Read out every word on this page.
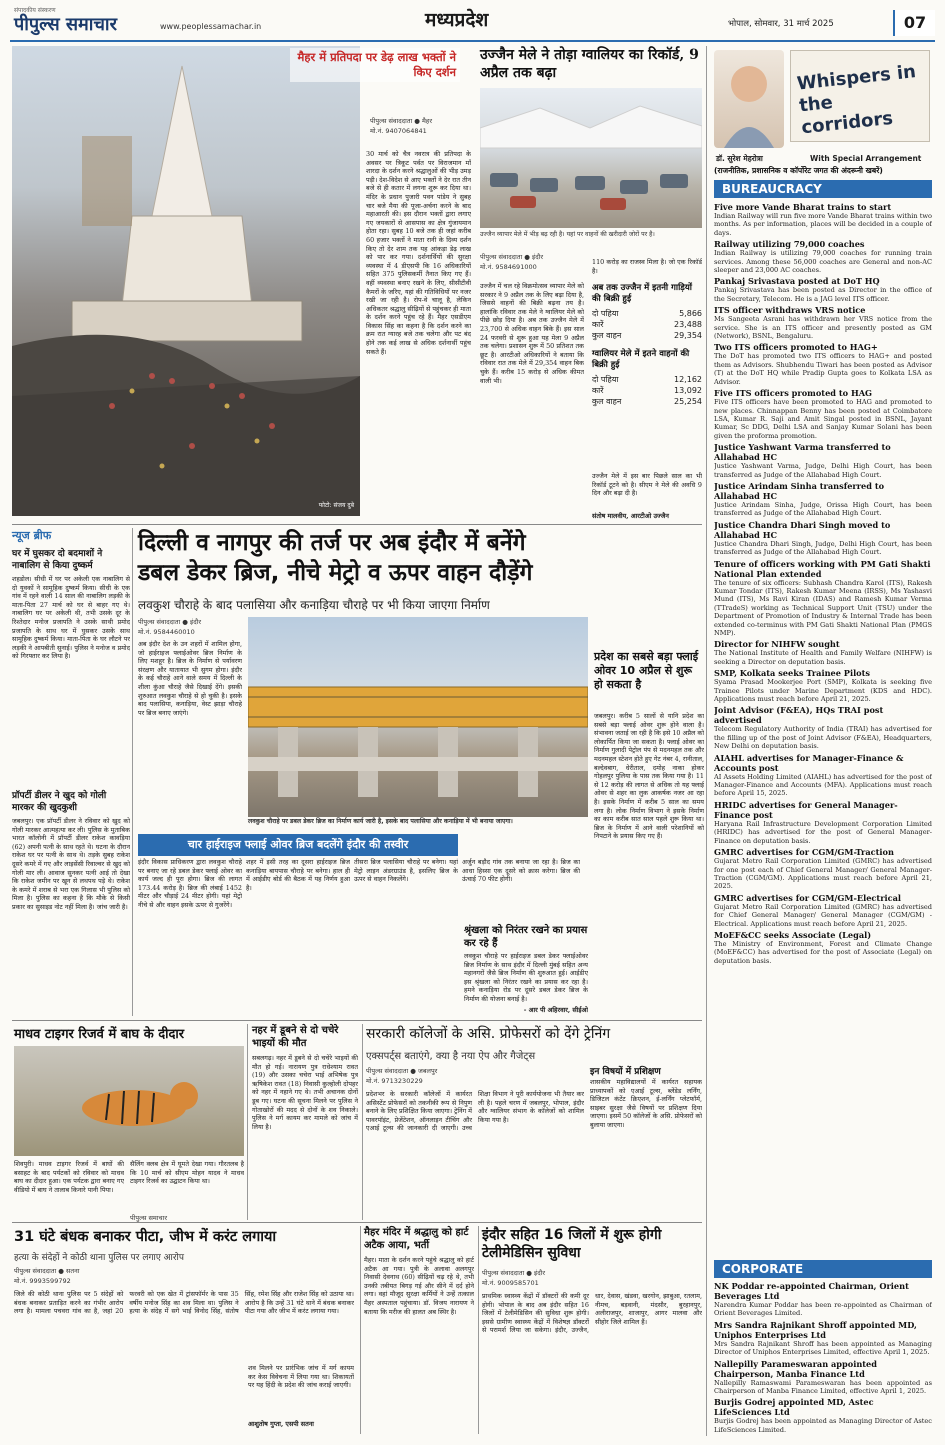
संपादकीय संस्करण
पीपुल्स समाचार	www.peoplessamachar.in	मध्यप्रदेश	भोपाल, सोमवार, 31 मार्च 2025	07
फोटो: संजय दुबे
मैहर में प्रतिपदा पर डेढ़ लाख भक्तों ने किए दर्शन
पीपुल्स संवाददाता ● मैहर
मो.नं. 9407064841
30 मार्च को चैत्र नवरात्र की प्रतिपदा के अवसर पर त्रिकूट पर्वत पर विराजमान माँ शारदा के दर्शन करने श्रद्धालुओं की भीड़ उमड़ पड़ी। देश-विदेश से आए भक्तों ने देर रात तीन बजे से ही कतार में लगना शुरू कर दिया था। मंदिर के प्रधान पुजारी पवन पांडेय ने सुबह चार बजे मैया की पूजा-अर्चना करने के बाद महाआरती की। इस दौरान भक्तों द्वारा लगाए गए जयकारों से आसपास का क्षेत्र गुंजायमान होता रहा। सुबह 10 बजे तक ही जहां करीब 60 हजार भक्तों ने माता रानी के दिव्य दर्शन किए तो देर शाम तक यह आंकड़ा डेढ़ लाख को पार कर गया। दर्शनार्थियों की सुरक्षा व्यवस्था में 4 डीएसपी कि 16 अधिकारियों सहित 375 पुलिसकर्मी तैनात किए गए हैं। वहीं व्यवस्था बनाए रखने के लिए, सीसीटीवी कैमरों के जरिए, यहां की गतिविधियों पर नजर रखी जा रही है। रोप-वे चालू है, लेकिन अधिकतर श्रद्धालु सीढ़ियों से पहुंचकर ही माता के दर्शन करने पहुंच रहे हैं। मैहर एसडीएम विकास सिंह का कहना है कि दर्शन करने का क्रम रात ग्यारह बजे तक चलेगा और पट बंद होने तक कई लाख से अधिक दर्शनार्थी पहुंच सकते हैं।
उज्जैन मेले ने तोड़ा ग्वालियर का रिकॉर्ड, 9 अप्रैल तक बढ़ा
उज्जैन व्यापार मेले में भीड़ बढ़ रही है। यहां पर वाहनों की खरीदारी जोरों पर है।
पीपुल्स संवाददाता ● इंदौर
मो.नं. 9584691000
उज्जैन में चल रहे विक्रमोत्सव व्यापार मेले को सरकार ने 9 अप्रैल तक के लिए बढ़ा दिया है, जिससे वाहनों की बिक्री बढ़ना तय है। हालांकि रविवार तक मेले ने ग्वालियर मेले को पीछे छोड़ दिया है। अब तक उज्जैन मेले में 23,700 से अधिक वाहन बिके हैं। इस साल 24 फरवरी से शुरू हुआ यह मेला 9 अप्रैल तक चलेगा। प्रशासन शुरू में 50 प्रतिशत तक छूट है। आरटीओ अधिकारियों ने बताया कि रविवार रात तक मेले में 29,354 वाहन बिक चुके हैं। करीब 15 करोड़ से अधिक कीमत वाली भी।
110 करोड़ का राजस्व मिला है। जो एक रिकॉर्ड है।
अब तक उज्जैन में इतनी गाड़ियों की बिक्री हुई
दो पहिया	5,866
कारें	23,488
कुल वाहन	29,354
ग्वालियर मेले में इतने वाहनों की बिक्री हुई
दो पहिया	12,162
कारें	13,092
कुल वाहन	25,254
उज्जैन मेले में इस बार पिछले साल का भी रिकॉर्ड टूटने को है। सीएम ने मेले की अवधि 9 दिन और बढ़ा दी है।
संतोष मालवीय, आरटीओ उज्जैन
Whispers in the corridors
डॉ. सुरेश मेहरोत्रा	With Special Arrangement
(राजनीतिक, प्रशासनिक व कॉर्पोरेट जगत की अंदरूनी खबरें)
BUREAUCRACY
Five more Vande Bharat trains to start
Indian Railway will run five more Vande Bharat trains within two months. As per information, places will be decided in a couple of days.
Railway utilizing 79,000 coaches
Indian Railway is utilizing 79,000 coaches for running train services. Among these 56,000 coaches are General and non-AC sleeper and 23,000 AC coaches.
Pankaj Srivastava posted at DoT HQ
Pankaj Srivastava has been posted as Director in the office of the Secretary, Telecom. He is a JAG level ITS officer.
ITS officer withdraws VRS notice
Ms Sangeeta Asrani has withdrawn her VRS notice from the service. She is an ITS officer and presently posted as GM (Network), BSNL, Bengaluru.
Two ITS officers promoted to HAG+
The DoT has promoted two ITS officers to HAG+ and posted them as Advisors. Shubhendu Tiwari has been posted as Advisor (T) at the DoT HQ while Pradip Gupta goes to Kolkata LSA as Advisor.
Five ITS officers promoted to HAG
Five ITS officers have been promoted to HAG and promoted to new places. Chinnappan Benny has been posted at Coimbatore LSA, Kumar R. Saji and Amit Singal posted in BSNL, Jayant Kumar, Sc DDG, Delhi LSA and Sanjay Kumar Solani has been given the proforma promotion.
Justice Yashwant Varma transferred to Allahabad HC
Justice Yashwant Varma, Judge, Delhi High Court, has been transferred as Judge of the Allahabad High Court.
Justice Arindam Sinha transferred to Allahabad HC
Justice Arindam Sinha, Judge, Orissa High Court, has been transferred as Judge of the Allahabad High Court.
Justice Chandra Dhari Singh moved to Allahabad HC
Justice Chandra Dhari Singh, Judge, Delhi High Court, has been transferred as Judge of the Allahabad High Court.
Tenure of officers working with PM Gati Shakti National Plan extended
The tenure of six officers: Subhash Chandra Karol (ITS), Rakesh Kumar Tondar (ITS), Rakesh Kumar Meena (IRSS), Ms Yashasvi Mund (ITS), Ms Ravi Kiran (IDAS) and Ramesh Kumar Verma (TTradeS) working as Technical Support Unit (TSU) under the Department of Promotion of Industry & Internal Trade has been extended co-terminus with PM Gati Shakti National Plan (PMGS NMP).
Director for NIHFW sought
The National Institute of Health and Family Welfare (NIHFW) is seeking a Director on deputation basis.
SMP, Kolkata seeks Trainee Pilots
Syama Prasad Mookerjee Port (SMP), Kolkata is seeking five Trainee Pilots under Marine Department (KDS and HDC). Applications must reach before April 21, 2025.
Joint Advisor (F&EA), HQs TRAI post advertised
Telecom Regulatory Authority of India (TRAI) has advertised for the filling up of the post of Joint Advisor (F&EA), Headquarters, New Delhi on deputation basis.
AIAHL advertises for Manager-Finance & Accounts post
AI Assets Holding Limited (AIAHL) has advertised for the post of Manager-Finance and Accounts (MFA). Applications must reach before April 15, 2025.
HRIDC advertises for General Manager-Finance post
Haryana Rail Infrastructure Development Corporation Limited (HRIDC) has advertised for the post of General Manager-Finance on deputation basis.
GMRC advertises for CGM/GM-Traction
Gujarat Metro Rail Corporation Limited (GMRC) has advertised for one post each of Chief General Manager/ General Manager-Traction (CGM/GM). Applications must reach before April 21, 2025.
GMRC advertises for CGM/GM-Electrical
Gujarat Metro Rail Corporation Limited (GMRC) has advertised for Chief General Manager/ General Manager (CGM/GM) -Electrical. Applications must reach before April 21, 2025.
MoEF&CC seeks Associate (Legal)
The Ministry of Environment, Forest and Climate Change (MoEF&CC) has advertised for the post of Associate (Legal) on deputation basis.
CORPORATE
NK Poddar re-appointed Chairman, Orient Beverages Ltd
Narendra Kumar Poddar has been re-appointed as Chairman of Orient Beverages Limited.
Mrs Sandra Rajnikant Shroff appointed MD, Uniphos Enterprises Ltd
Mrs Sandra Rajnikant Shroff has been appointed as Managing Director of Uniphos Enterprises Limited, effective April 1, 2025.
Nallepilly Parameswaran appointed Chairperson, Manba Finance Ltd
Nallepilly Ramaswami Parameswaran has been appointed as Chairperson of Manba Finance Limited, effective April 1, 2025.
Burjis Godrej appointed MD, Astec LifeSciences Ltd
Burjis Godrej has been appointed as Managing Director of Astec LifeSciences Limited.
न्यूज ब्रीफ
घर में घुसकर दो बदमाशों ने नाबालिग से किया दुष्कर्म
शहडोल। सीधी में घर पर अकेली एक नाबालिग से दो युवकों ने सामूहिक दुष्कर्म किया। सीधी के एक गांव में रहने वाली 14 साल की नाबालिग लड़की के माता-पिता 27 मार्च को घर से बाहर गए थे। नाबालिग घर पर अकेली थी, तभी उसके दूर के रिश्तेदार मनोज प्रजापति ने उसके साथी प्रमोद प्रजापति के साथ घर में घुसकर उसके साथ सामूहिक दुष्कर्म किया। माता-पिता के घर लौटने पर लड़की ने आपबीती सुनाई। पुलिस ने मनोज व प्रमोद को गिरफ्तार कर लिया है।
प्रॉपर्टी डीलर ने खुद को गोली मारकर की खुदकुशी
जबलपुर। एक प्रॉपर्टी डीलर ने रविवार को खुद को गोली मारकर आत्महत्या कर ली। पुलिस के मुताबिक भारत कॉलोनी में प्रॉपर्टी डीलर राकेश कावड़िया (62) अपनी पत्नी के साथ रहते थे। घटना के दौरान राकेश घर पर पत्नी के साथ थे। तड़के सुबह राकेश दूसरे कमरे में गए और लाइसेंसी रिवाल्वर से खुद को गोली मार ली। आवाज सुनकर पत्नी आई तो देखा कि राकेश जमीन पर खून से लथपथ पड़े थे। राकेश के कमरे में शराब से भरा एक गिलास भी पुलिस को मिला है। पुलिस का कहना है कि मौके से किसी प्रकार का सुसाइड नोट नहीं मिला है। जांच जारी है।
दिल्ली व नागपुर की तर्ज पर अब इंदौर में बनेंगे
डबल डेकर ब्रिज, नीचे मेट्रो व ऊपर वाहन दौड़ेंगे
लवकुश चौराहे के बाद पलासिया और कनाड़िया चौराहे पर भी किया जाएगा निर्माण
पीपुल्स संवाददाता ● इंदौर
मो.नं. 9584460010
अब इंदौर देश के उन शहरों में शामिल होगा, जो हाईराइज फ्लाईओवर ब्रिज निर्माण के लिए मशहूर है। ब्रिज के निर्माण से पर्यावरण संरक्षण और यातायात भी सुगम होगा। इंदौर के कई चौराहे आने वाले समय में दिल्ली के शीला कुंआ चौराहे जैसे दिखाई देंगे। इसकी शुरुआत लवकुश चौराहे से हो चुकी है। इसके बाद पलासिया, कनाड़िया, वेस्ट झाड़ा चौराहे पर ब्रिज बनाए जाएंगे।
लवकुश चौराहे पर डबल डेकर ब्रिज का निर्माण कार्य जारी है, इसके बाद पलासिया और कनाड़िया में भी बनाया जाएगा।
प्रदेश का सबसे बड़ा फ्लाई ओवर 10 अप्रैल से शुरू हो सकता है
जबलपुर। करीब 5 सालों से यानि प्रदेश का सबसे बड़ा फ्लाई ओवर शुरू होने वाला है। संभावना जताई जा रही है कि इसे 10 अप्रैल को लोकार्पित किया जा सकता है। फ्लाई ओवर का निर्माण गुलादी पेट्रोल पंप से मदनमहल तक और मदनमहल स्टेशन होते हुए गेट नंबर 4, रानीताल, बल्देवबाग, धेरीताल, दमोह नाका होकर गोहलपुर पुलिया के पास तक किया गया है। 11 से 12 करोड़ की लागत से अधिक तो यह फ्लाई ओवर से शहर का लुक आकर्षक नजर आ रहा है। इसके निर्माण में करीब 5 साल का समय लगा है। लोक निर्माण विभाग ने इसके निर्माण का काम करीब सात साल पहले शुरू किया था। ब्रिज के निर्माण में आने वाली परेशानियों को निपटाने के प्रयास किए गए हैं।
चार हाईराइज फ्लाई ओवर ब्रिज बदलेंगे इंदौर की तस्वीर
इंदौर विकास प्राधिकरण द्वारा लवकुश चौराहे पर बनाए जा रहे डबल डेकर फ्लाई ओवर का कार्य जल्द ही पूरा होगा। ब्रिज की लागत 173.44 करोड़ है। ब्रिज की लंबाई 1452 मीटर और चौड़ाई 24 मीटर होगी। यहां मेट्रो नीचे से और वाहन इसके ऊपर से गुजरेंगे।
शहर में इसी तरह का दूसरा हाईराइज ब्रिज कनाड़िया बायपास चौराहे पर बनेगा। हाल ही में आईडीए बोर्ड की बैठक में यह निर्णय हुआ है।
तीसरा ब्रिज पलासिया चौराहे पर बनेगा। यहां मेट्रो लाइन अंडरग्राउंड है, इसलिए ब्रिज के ऊपर से वाहन निकलेंगे।
अर्जुन बड़ौद गांव तक बनाया जा रहा है। ब्रिज का आधा हिस्सा एक दूसरे को क्रास करेगा। ब्रिज की ऊंचाई 70 फीट होगी।
श्रृंखला को निरंतर रखने का प्रयास कर रहे हैं
लवकुश चौराहे पर हाईराइज डबल डेकर फ्लाईओवर ब्रिज निर्माण के साथ इंदौर में दिल्ली मुंबई सहित अन्य महानगरों जैसे ब्रिज निर्माण की शुरुआत हुई। आईडीए इस श्रृंखला को निरंतर रखने का प्रयास कर रहा है। हमने कनाड़िया रोड पर दूसरे डबल डेकर ब्रिज के निर्माण की योजना बनाई है।
- आर पी अहिरवार, सीईओ
माधव टाइगर रिजर्व में बाघ के दीदार
शिवपुरी। माधव टाइगर रिजर्व में बाघों की बसाहट के बाद पर्यटकों को रविवार को माधव बाघ का दीदार हुआ। एक पर्यटक द्वारा बनाए गए वीडियो में बाघ ने तालाब किनारे पानी पिया।
सैलिंग क्लब क्षेत्र में घूमते देखा गया। गौरतलब है कि 10 मार्च को सीएम मोहन यादव ने माधव टाइगर रिजर्व का उद्घाटन किया था।
पीपुल्स समाचार
नहर में डूबने से दो चचेरे भाइयों की मौत
सबलगढ़। नहर में डूबने से दो चचेरे भाइयों की मौत हो गई। नारायण पुत्र राधेश्याम रावत (19) और उसका चचेरा भाई अभिषेक पुत्र ऋषिकेश रावत (18) निवासी कुल्होली दोपहर को नहर में नहाने गए थे। तभी अचानक दोनों डूब गए। घटना की सूचना मिलने पर पुलिस ने गोताखोरों की मदद से दोनों के शव निकाले। पुलिस ने मर्ग कायम कर मामले को जांच में लिया है।
सरकारी कॉलेजों के असि. प्रोफेसरों को देंगे ट्रेनिंग
एक्सपर्ट्स बताएंगे, क्या है नया ऐप और गैजेट्स
पीपुल्स संवाददाता ● जबलपुर
मो.नं. 9713230229
प्रदेशभर के सरकारी कॉलेजों में कार्यरत असिस्टेंट प्रोफेसरों को तकनीकी रूप से निपुण बनाने के लिए प्रशिक्षित किया जाएगा। ट्रेनिंग में पावरपॉइंट, प्रेजेंटेशन, ऑनलाइन टीचिंग और एआई टूल्स की जानकारी दी जाएगी। उच्च शिक्षा विभाग ने पूरी कार्ययोजना भी तैयार कर ली है। पहले चरण में जबलपुर, भोपाल, इंदौर और ग्वालियर संभाग के कॉलेजों को शामिल किया गया है।
इन विषयों में प्रशिक्षण
शासकीय महाविद्यालयों में कार्यरत सहायक प्राध्यापकों को एआई टूल्स, ब्लेंडेड लर्निंग, डिजिटल कंटेंट क्रिएशन, ई-लर्निंग प्लेटफॉर्म, साइबर सुरक्षा जैसे विषयों पर प्रशिक्षण दिया जाएगा। इसमें 50 कॉलेजों के असि. प्रोफेसरों को बुलाया जाएगा।
31 घंटे बंधक बनाकर पीटा, जीभ में करंट लगाया
हत्या के संदेहों ने कोठी थाना पुलिस पर लगाए आरोप
पीपुल्स संवाददाता ● सतना
मो.नं. 9993599792
जिले की कोठी थाना पुलिस पर 5 संदेहों को बंधक बनाकर प्रताड़ित करने का गंभीर आरोप लगा है। मामला पचवरा गांव का है, जहां 20 फरवरी को एक खेत में ट्रांसफॉर्मर के पास 35 वर्षीय मनोज सिंह का शव मिला था। पुलिस ने हत्या के संदेह में सगे भाई विनोद सिंह, संतोष सिंह, रमेश सिंह और राजेश सिंह को उठाया था। आरोप है कि उन्हें 31 घंटे थाने में बंधक बनाकर पीटा गया और जीभ में करंट लगाया गया।
शव मिलने पर प्रारंभिक जांच में मर्ग कायम कर केस विवेचना में लिया गया था। शिकायतों पर यह हिंदी के प्रदेश की जांच कराई जाएगी।
आशुतोष गुप्ता, एसपी सतना
मैहर मंदिर में श्रद्धालु को हार्ट अटैक आया, भर्ती
मैहर। माता के दर्शन करने पहुंचे श्रद्धालु को हार्ट अटैक आ गया। पुत्री के अलावा अलगपुर निवासी देवनाथ (60) सीढ़ियों चढ़ रहे थे, तभी उनकी तबीयत बिगड़ गई और सीने में दर्द होने लगा। वहां मौजूद सुरक्षा कर्मियों ने उन्हें तत्काल मैहर अस्पताल पहुंचाया। डॉ. विजय नारायण ने बताया कि मरीज की हालत अब स्थिर है।
इंदौर सहित 16 जिलों में शुरू होगी टेलीमेडिसिन सुविधा
पीपुल्स संवाददाता ● इंदौर
मो.नं. 9009585701
प्राथमिक स्वास्थ्य केंद्रों में डॉक्टरों की कमी दूर होगी। भोपाल के बाद अब इंदौर सहित 16 जिलों में टेलीमेडिसिन की सुविधा शुरू होगी। इससे ग्रामीण स्वास्थ्य केंद्रों में विशेषज्ञ डॉक्टरों से परामर्श लिया जा सकेगा। इंदौर, उज्जैन, धार, देवास, खंडवा, खरगोन, झाबुआ, रतलाम, नीमच, बड़वानी, मंदसौर, बुरहानपुर, अलीराजपुर, शाजापुर, आगर मालवा और सीहोर जिले शामिल हैं।
